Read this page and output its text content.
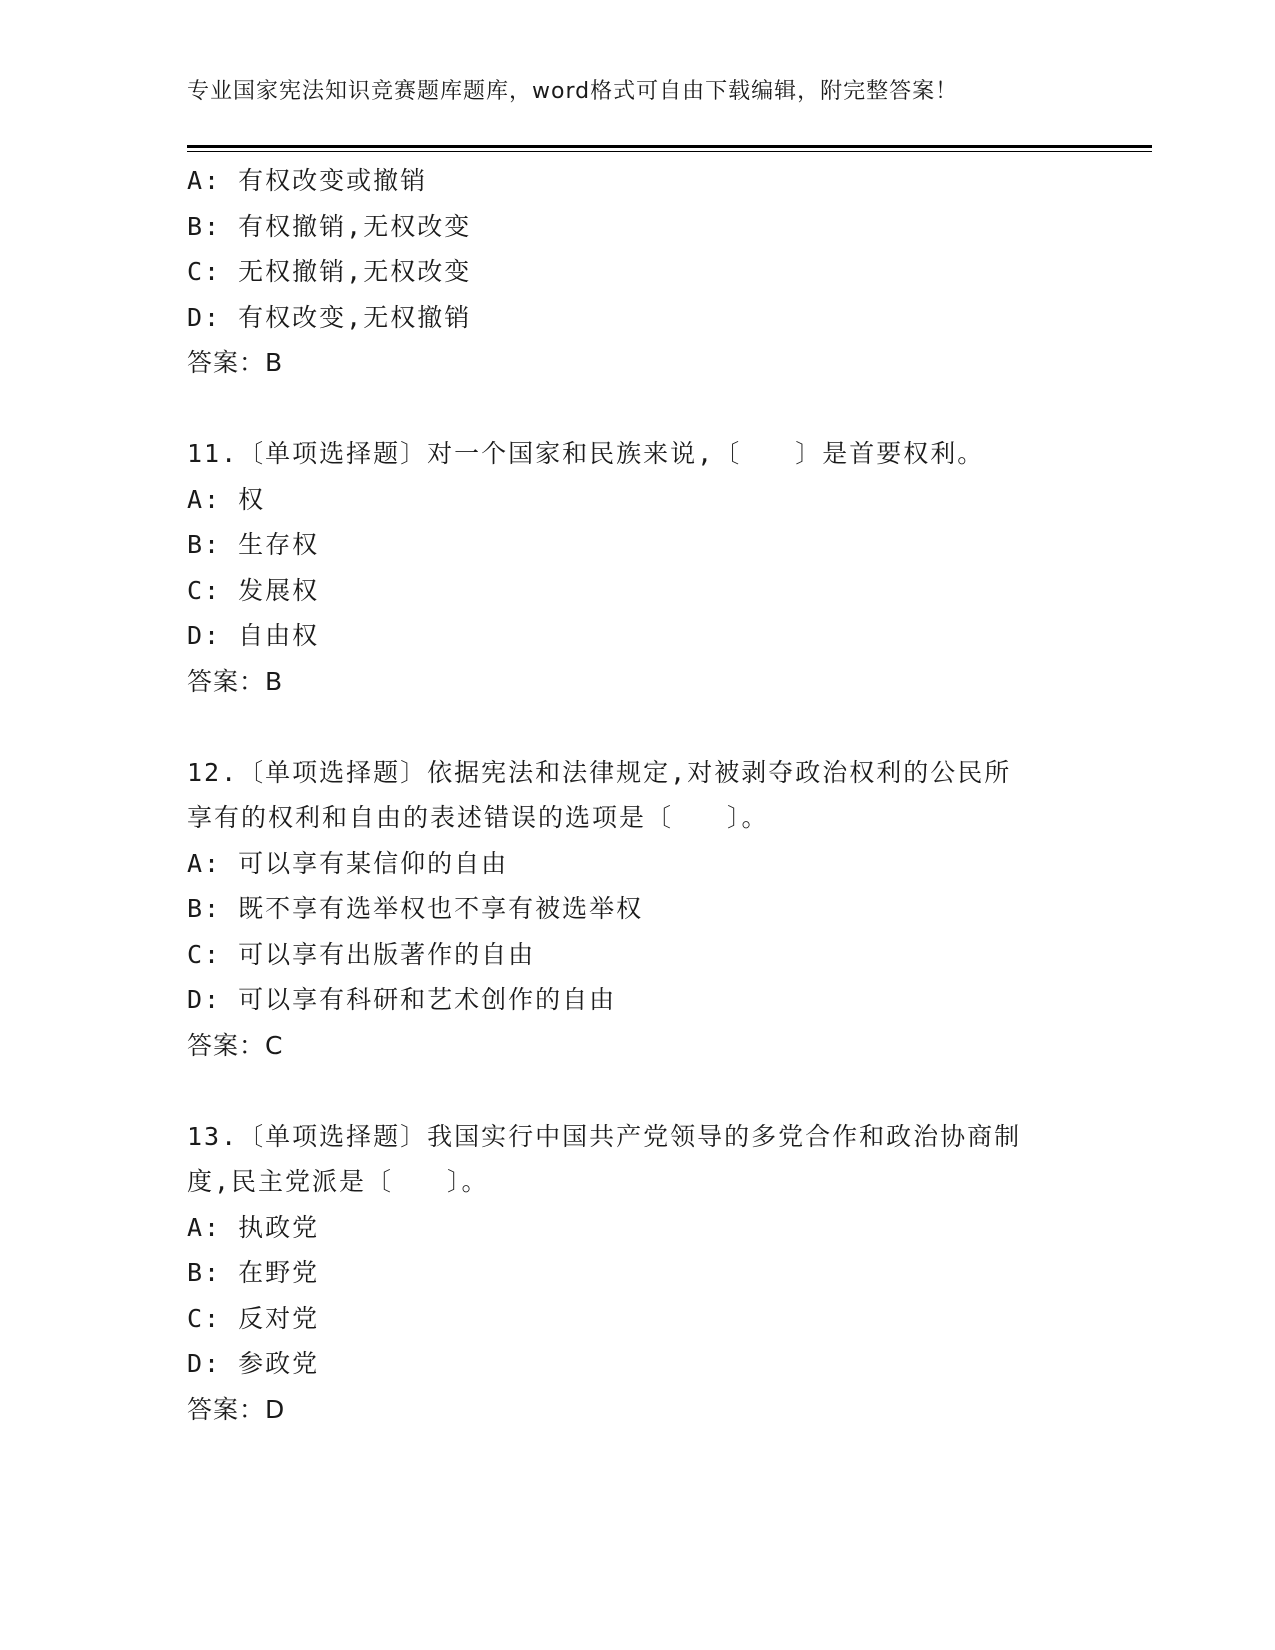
专业国家宪法知识竞赛题库题库，word格式可自由下载编辑，附完整答案！
A: 有权改变或撤销
B: 有权撤销,无权改变
C: 无权撤销,无权改变
D: 有权改变,无权撤销
答案：B
11.〔单项选择题〕对一个国家和民族来说,〔　　〕是首要权利。
A: 权
B: 生存权
C: 发展权
D: 自由权
答案：B
12.〔单项选择题〕依据宪法和法律规定,对被剥夺政治权利的公民所
享有的权利和自由的表述错误的选项是〔　　〕。
A: 可以享有某信仰的自由
B: 既不享有选举权也不享有被选举权
C: 可以享有出版著作的自由
D: 可以享有科研和艺术创作的自由
答案：C
13.〔单项选择题〕我国实行中国共产党领导的多党合作和政治协商制
度,民主党派是〔　　〕。
A: 执政党
B: 在野党
C: 反对党
D: 参政党
答案：D
